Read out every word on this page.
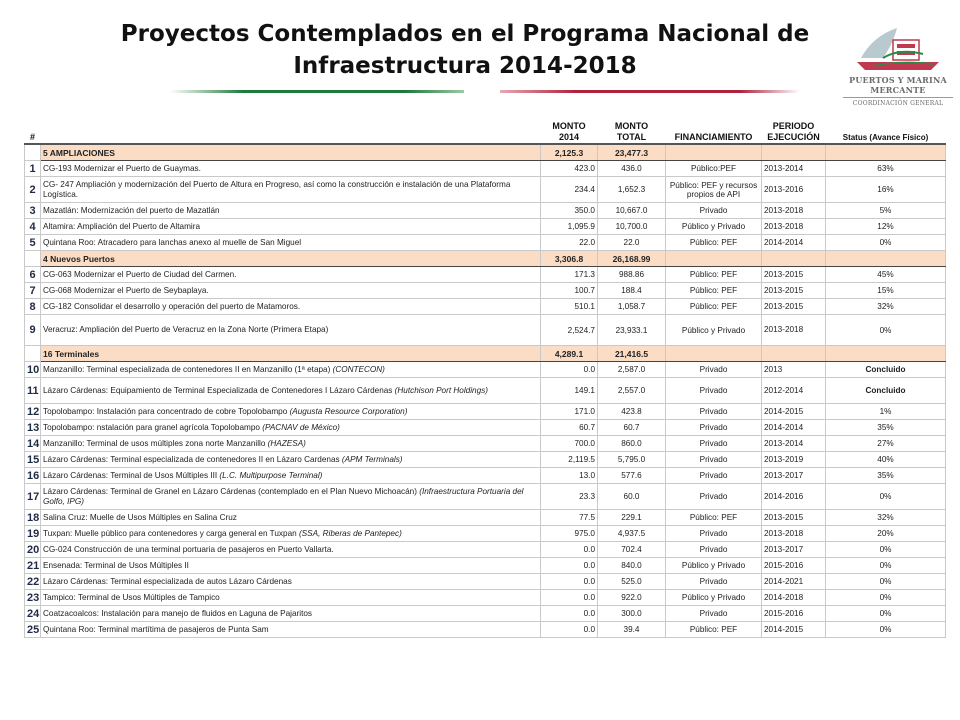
Proyectos Contemplados en el Programa Nacional de
Infraestructura 2014-2018
PUERTOS Y MARINA
MERCANTE
COORDINACIÓN GENERAL
#		MONTO 2014	MONTO TOTAL	FINANCIAMIENTO	PERIODO EJECUCIÓN	Status (Avance Físico)
	5 AMPLIACIONES	2,125.3	23,477.3			
1	CG-193 Modernizar el Puerto de Guaymas.	423.0	436.0	Público:PEF	2013-2014	63%
2	CG- 247 Ampliación y modernización del Puerto de Altura en Progreso, así como la construcción e instalación de una Plataforma Logística.	234.4	1,652.3	Público: PEF y recursos propios de API	2013-2016	16%
3	Mazatlán: Modernización del puerto de Mazatlán	350.0	10,667.0	Privado	2013-2018	5%
4	Altamira: Ampliación del Puerto de Altamira	1,095.9	10,700.0	Público y Privado	2013-2018	12%
5	Quintana Roo: Atracadero para lanchas anexo al muelle de San Miguel	22.0	22.0	Público: PEF	2014-2014	0%
	4 Nuevos Puertos	3,306.8	26,168.99			
6	CG-063 Modernizar el Puerto de Ciudad del Carmen.	171.3	988.86	Público: PEF	2013-2015	45%
7	CG-068 Modernizar el Puerto de Seybaplaya.	100.7	188.4	Público: PEF	2013-2015	15%
8	CG-182 Consolidar el desarrollo y operación del puerto de Matamoros.	510.1	1,058.7	Público: PEF	2013-2015	32%
9	Veracruz: Ampliación del Puerto de Veracruz en la Zona Norte (Primera Etapa)	2,524.7	23,933.1	Público y Privado	2013-2018	0%
	16 Terminales	4,289.1	21,416.5			
10	Manzanillo: Terminal especializada de contenedores II en Manzanillo (1ª etapa) (CONTECON)	0.0	2,587.0	Privado	2013	Concluido
11	Lázaro Cárdenas: Equipamiento de Terminal Especializada de Contenedores I Lázaro Cárdenas (Hutchison Port Holdings)	149.1	2,557.0	Privado	2012-2014	Concluido
12	Topolobampo: Instalación para concentrado de cobre Topolobampo (Augusta Resource Corporation)	171.0	423.8	Privado	2014-2015	1%
13	Topolobampo: nstalación para granel agrícola Topolobampo (PACNAV de México)	60.7	60.7	Privado	2014-2014	35%
14	Manzanillo: Terminal de usos múltiples zona norte Manzanillo (HAZESA)	700.0	860.0	Privado	2013-2014	27%
15	Lázaro Cárdenas: Terminal especializada de contenedores II en Lázaro Cardenas (APM Terminals)	2,119.5	5,795.0	Privado	2013-2019	40%
16	Lázaro Cárdenas: Terminal de Usos Múltiples III (L.C. Multipurpose Terminal)	13.0	577.6	Privado	2013-2017	35%
17	Lázaro Cárdenas: Terminal de Granel en Lázaro Cárdenas (contemplado en el Plan Nuevo Michoacán) (Infraestructura Portuaria del Golfo, IPG)	23.3	60.0	Privado	2014-2016	0%
18	Salina Cruz: Muelle de Usos Múltiples en Salina Cruz	77.5	229.1	Público: PEF	2013-2015	32%
19	Tuxpan: Muelle público para contenedores y carga general en Tuxpan (SSA, Riberas de Pantepec)	975.0	4,937.5	Privado	2013-2018	20%
20	CG-024 Construcción de una terminal portuaria de pasajeros en Puerto Vallarta.	0.0	702.4	Privado	2013-2017	0%
21	Ensenada: Terminal de Usos Múltiples II	0.0	840.0	Público y Privado	2015-2016	0%
22	Lázaro Cárdenas: Terminal especializada de autos Lázaro Cárdenas	0.0	525.0	Privado	2014-2021	0%
23	Tampico: Terminal de Usos Múltiples de Tampico	0.0	922.0	Público y Privado	2014-2018	0%
24	Coatzacoalcos: Instalación para manejo de fluidos en Laguna de Pajaritos	0.0	300.0	Privado	2015-2016	0%
25	Quintana Roo: Terminal martítima de pasajeros de Punta Sam	0.0	39.4	Público: PEF	2014-2015	0%
